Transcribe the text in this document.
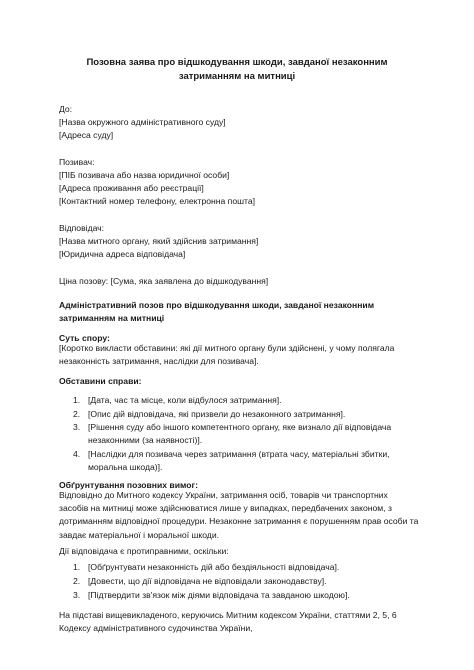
Позовна заява про відшкодування шкоди, завданої незаконним затриманням на митниці
До:
[Назва окружного адміністративного суду]
[Адреса суду]
Позивач:
[ПІБ позивача або назва юридичної особи]
[Адреса проживання або реєстрації]
[Контактний номер телефону, електронна пошта]
Відповідач:
[Назва митного органу, який здійснив затримання]
[Юридична адреса відповідача]
Ціна позову: [Сума, яка заявлена до відшкодування]
Адміністративний позов про відшкодування шкоди, завданої незаконним затриманням на митниці
Суть спору:
[Коротко викласти обставини: які дії митного органу були здійснені, у чому полягала незаконність затримання, наслідки для позивача].
Обставини справи:
1. [Дата, час та місце, коли відбулося затримання].
2. [Опис дій відповідача, які призвели до незаконного затримання].
3. [Рішення суду або іншого компетентного органу, яке визнало дії відповідача незаконними (за наявності)].
4. [Наслідки для позивача через затримання (втрата часу, матеріальні збитки, моральна шкода)].
Обґрунтування позовних вимог:
Відповідно до Митного кодексу України, затримання осіб, товарів чи транспортних засобів на митниці може здійснюватися лише у випадках, передбачених законом, з дотриманням відповідної процедури. Незаконне затримання є порушенням прав особи та завдає матеріальної і моральної шкоди.
Дії відповідача є протиправними, оскільки:
1. [Обґрунтувати незаконність дій або бездіяльності відповідача].
2. [Довести, що дії відповідача не відповідали законодавству].
3. [Підтвердити зв'язок між діями відповідача та завданою шкодою].
На підставі вищевикладеного, керуючись Митним кодексом України, статтями 2, 5, 6 Кодексу адміністративного судочинства України,
